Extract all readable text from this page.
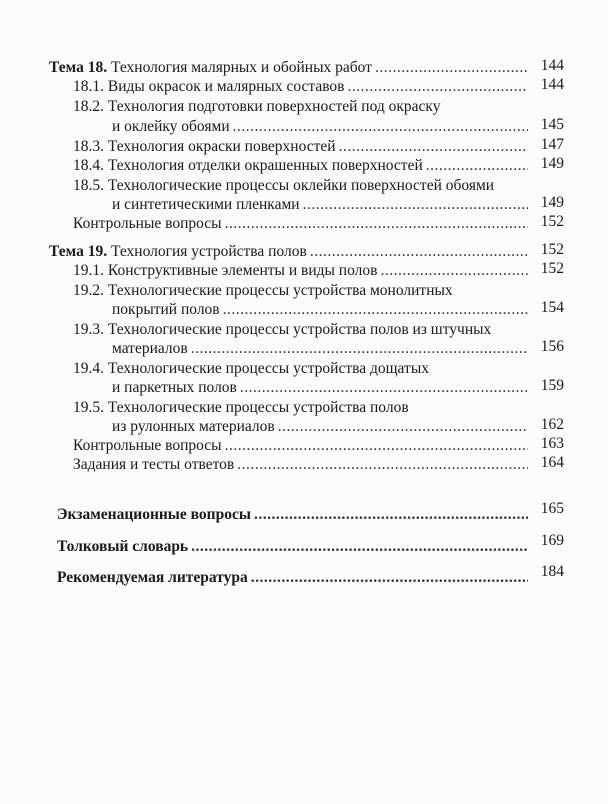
Тема 18. Технология малярных и обойных работ .....	144
18.1. Виды окрасок и малярных составов .....	144
18.2. Технология подготовки поверхностей под окраску
и оклейку обоями .....	145
18.3. Технология окраски поверхностей .....	147
18.4. Технология отделки окрашенных поверхностей .....	149
18.5. Технологические процессы оклейки поверхностей обоями
и синтетическими пленками .....	149
Контрольные вопросы .....	152
Тема 19. Технология устройства полов .....	152
19.1. Конструктивные элементы и виды полов .....	152
19.2. Технологические процессы устройства монолитных
покрытий полов .....	154
19.3. Технологические процессы устройства полов из штучных
материалов .....	156
19.4. Технологические процессы устройства дощатых
и паркетных полов .....	159
19.5. Технологические процессы устройства полов
из рулонных материалов .....	162
Контрольные вопросы .....	163
Задания и тесты ответов .....	164
Экзаменационные вопросы .....	165
Толковый словарь .....	169
Рекомендуемая литература .....	184
